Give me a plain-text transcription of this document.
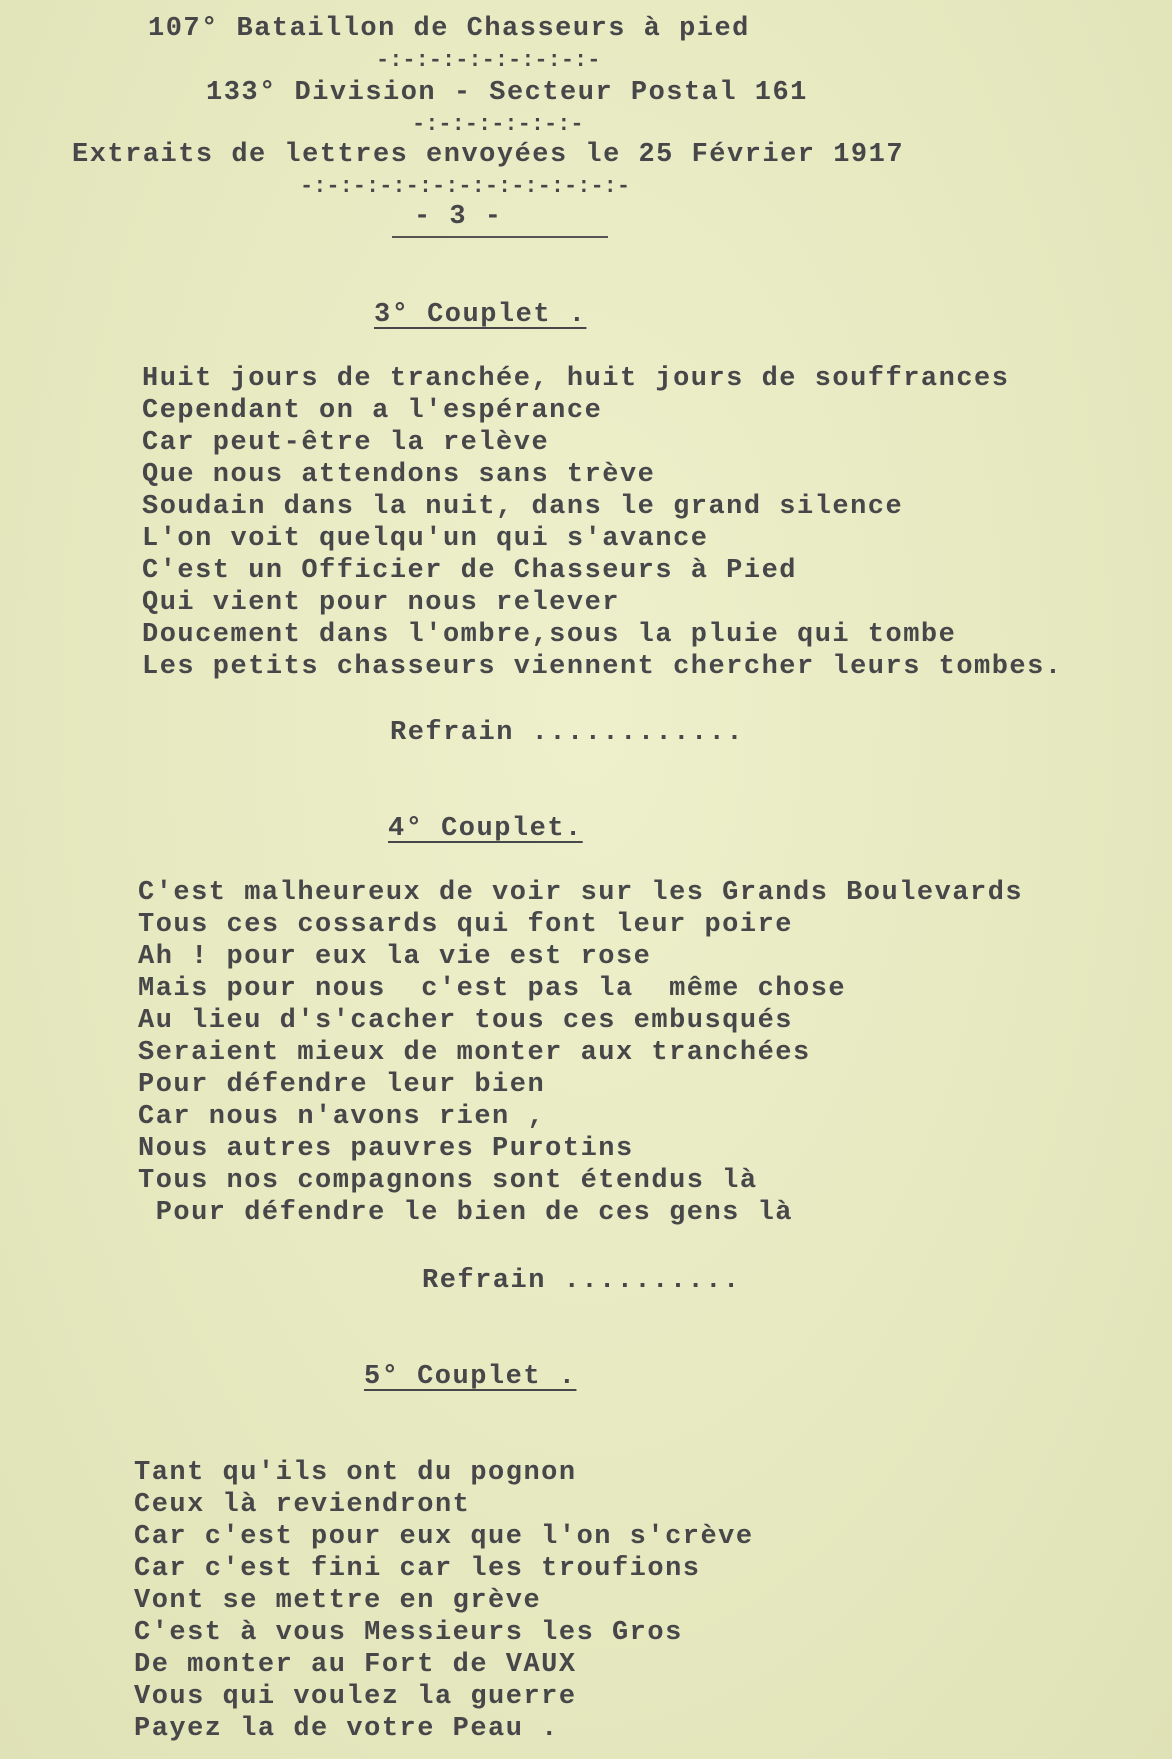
107° Bataillon de Chasseurs à pied
-:-:-:-:-:-:-:-:-
133° Division - Secteur Postal 161
-:-:-:-:-:-:-
Extraits de lettres envoyées le 25 Février 1917
-:-:-:-:-:-:-:-:-:-:-:-:-
- 3 -
3° Couplet .
Huit jours de tranchée, huit jours de souffrances
Cependant on a l'espérance
Car peut-être la relève
Que nous attendons sans trève
Soudain dans la nuit, dans le grand silence
L'on voit quelqu'un qui s'avance
C'est un Officier de Chasseurs à Pied
Qui vient pour nous relever
Doucement dans l'ombre,sous la pluie qui tombe
Les petits chasseurs viennent chercher leurs tombes.
Refrain ............
4° Couplet.
C'est malheureux de voir sur les Grands Boulevards
Tous ces cossards qui font leur poire
Ah ! pour eux la vie est rose
Mais pour nous  c'est pas la  même chose
Au lieu d's'cacher tous ces embusqués
Seraient mieux de monter aux tranchées
Pour défendre leur bien
Car nous n'avons rien ,
Nous autres pauvres Purotins
Tous nos compagnons sont étendus là
Pour défendre le bien de ces gens là
Refrain ..........
5° Couplet .
Tant qu'ils ont du pognon
Ceux là reviendront
Car c'est pour eux que l'on s'crève
Car c'est fini car les troufions
Vont se mettre en grève
C'est à vous Messieurs les Gros
De monter au Fort de VAUX
Vous qui voulez la guerre
Payez la de votre Peau .
